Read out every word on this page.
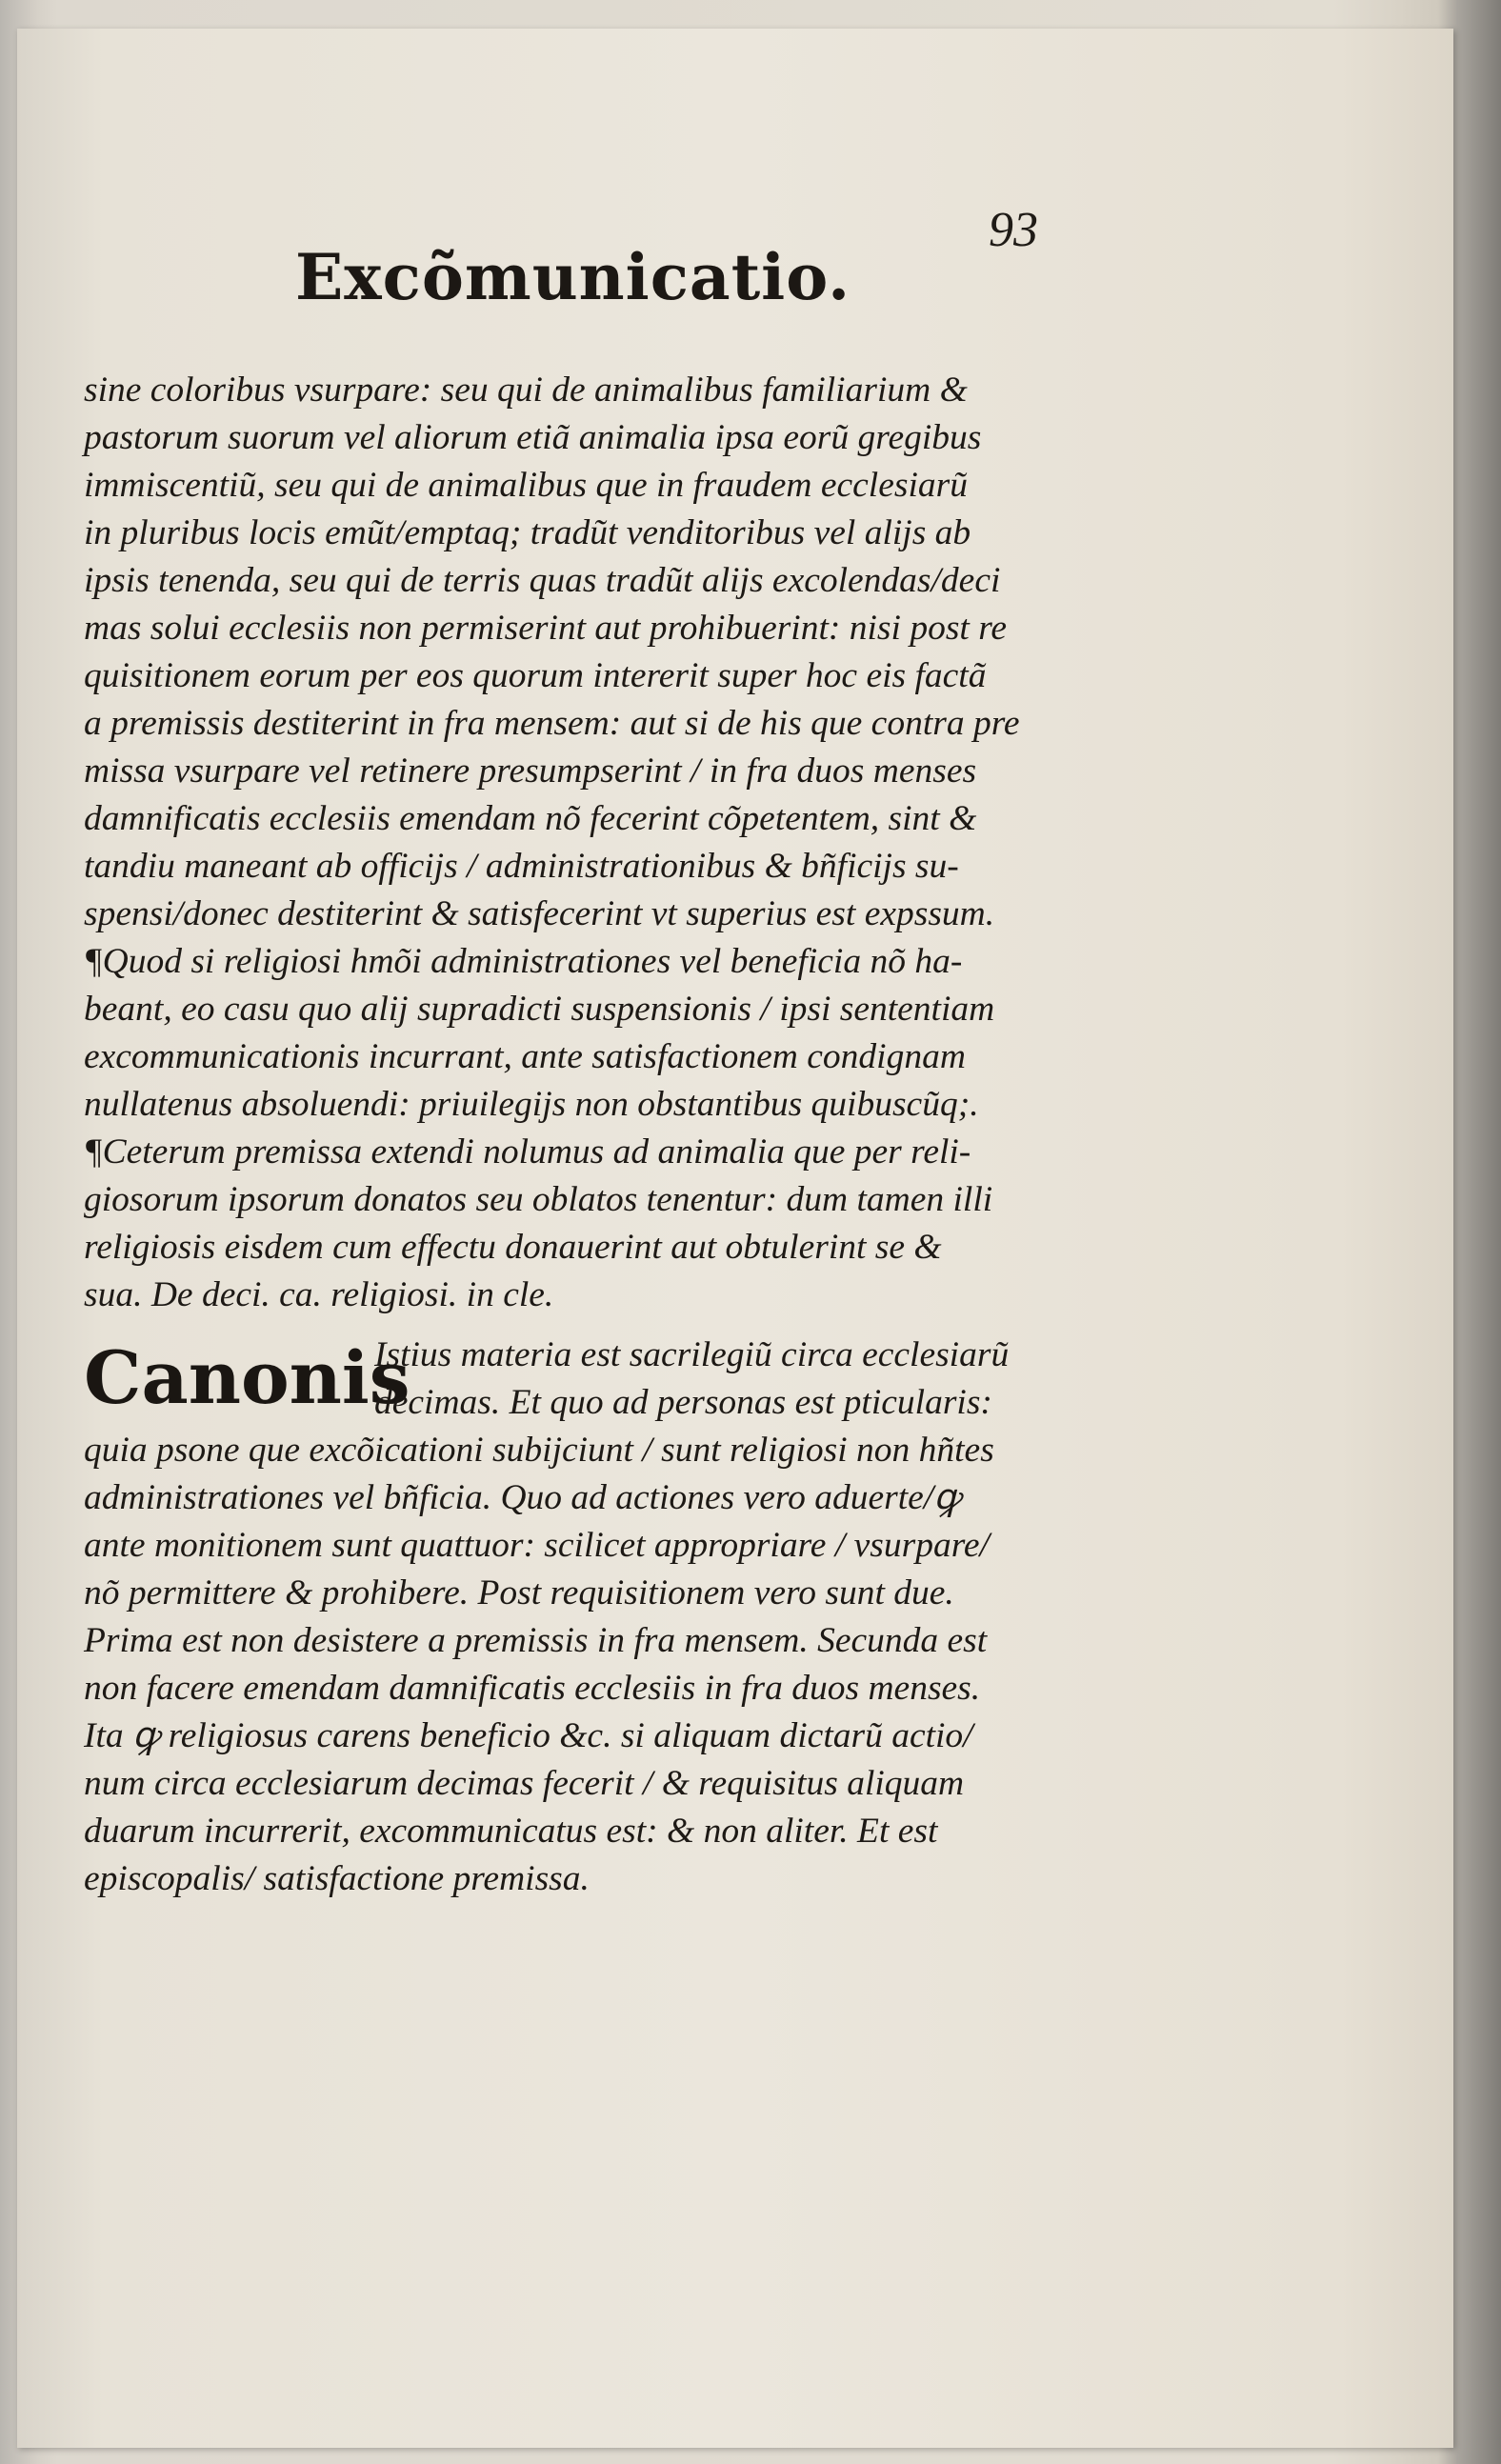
93
Excõmunicatio.
sine coloribus vsurpare: seu qui de animalibus familiarium &
pastorum suorum vel aliorum etiã animalia ipsa eorũ gregibus
immiscentiũ, seu qui de animalibus que in fraudem ecclesiarũ
in pluribus locis emũt/emptaq; tradũt venditoribus vel alijs ab
ipsis tenenda, seu qui de terris quas tradũt alijs excolendas/deci
mas solui ecclesiis non permiserint aut prohibuerint: nisi post re
quisitionem eorum per eos quorum intererit super hoc eis factã
a premissis destiterint in fra mensem: aut si de his que contra pre
missa vsurpare vel retinere presumpserint / in fra duos menses
damnificatis ecclesiis emendam nõ fecerint cõpetentem, sint &
tandiu maneant ab officijs / administrationibus & bñficijs su-
spensi/donec destiterint & satisfecerint vt superius est expssum.
¶Quod si religiosi hmõi administrationes vel beneficia nõ ha-
beant, eo casu quo alij supradicti suspensionis / ipsi sententiam
excommunicationis incurrant, ante satisfactionem condignam
nullatenus absoluendi: priuilegijs non obstantibus quibuscũq;.
¶Ceterum premissa extendi nolumus ad animalia que per reli-
giosorum ipsorum donatos seu oblatos tenentur: dum tamen illi
religiosis eisdem cum effectu donauerint aut obtulerint se &
sua. De deci. ca. religiosi. in cle.
Canonis
Istius materia est sacrilegiũ circa ecclesiarũ
decimas. Et quo ad personas est pticularis:
quia psone que excõicationi subijciunt / sunt religiosi non hñtes
administrationes vel bñficia. Quo ad actiones vero aduerte/ꝙ
ante monitionem sunt quattuor: scilicet appropriare / vsurpare/
nõ permittere & prohibere. Post requisitionem vero sunt due.
Prima est non desistere a premissis in fra mensem. Secunda est
non facere emendam damnificatis ecclesiis in fra duos menses.
Ita ꝙ religiosus carens beneficio &c. si aliquam dictarũ actio/
num circa ecclesiarum decimas fecerit / & requisitus aliquam
duarum incurrerit, excommunicatus est: & non aliter. Et est
episcopalis/ satisfactione premissa.
